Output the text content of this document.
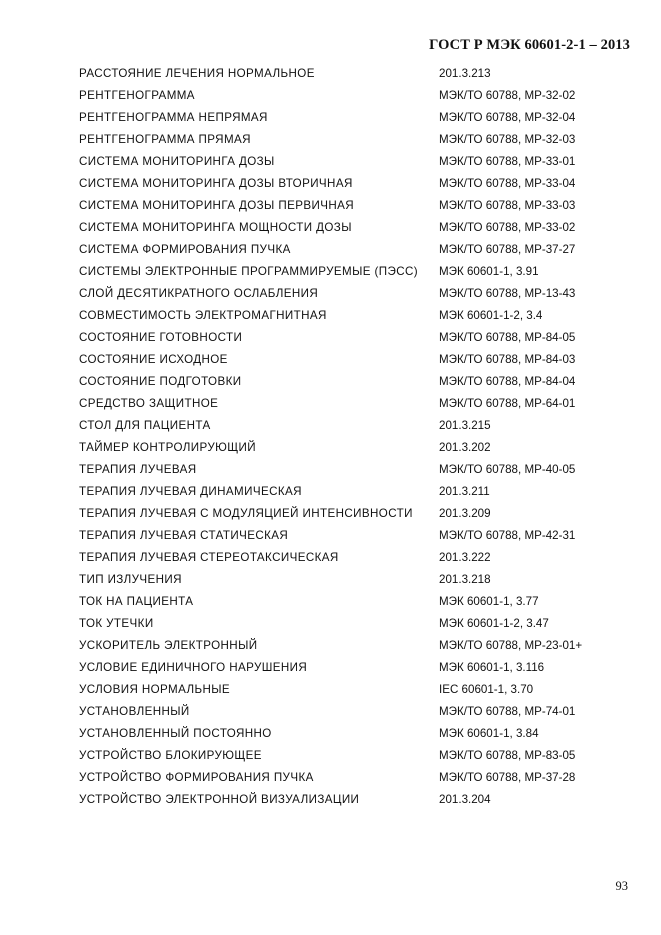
ГОСТ Р МЭК 60601-2-1 – 2013
РАССТОЯНИЕ ЛЕЧЕНИЯ НОРМАЛЬНОЕ	201.3.213
РЕНТГЕНОГРАММА	МЭК/ТО 60788, МР-32-02
РЕНТГЕНОГРАММА НЕПРЯМАЯ	МЭК/ТО 60788, МР-32-04
РЕНТГЕНОГРАММА ПРЯМАЯ	МЭК/ТО 60788, МР-32-03
СИСТЕМА МОНИТОРИНГА ДОЗЫ	МЭК/ТО 60788, МР-33-01
СИСТЕМА МОНИТОРИНГА ДОЗЫ ВТОРИЧНАЯ	МЭК/ТО 60788, МР-33-04
СИСТЕМА МОНИТОРИНГА ДОЗЫ ПЕРВИЧНАЯ	МЭК/ТО 60788, МР-33-03
СИСТЕМА МОНИТОРИНГА МОЩНОСТИ ДОЗЫ	МЭК/ТО 60788, МР-33-02
СИСТЕМА ФОРМИРОВАНИЯ ПУЧКА	МЭК/ТО 60788, МР-37-27
СИСТЕМЫ ЭЛЕКТРОННЫЕ ПРОГРАММИРУЕМЫЕ (ПЭСС)	МЭК 60601-1, 3.91
СЛОЙ ДЕСЯТИКРАТНОГО ОСЛАБЛЕНИЯ	МЭК/ТО 60788, МР-13-43
СОВМЕСТИМОСТЬ ЭЛЕКТРОМАГНИТНАЯ	МЭК 60601-1-2, 3.4
СОСТОЯНИЕ ГОТОВНОСТИ	МЭК/ТО 60788, МР-84-05
СОСТОЯНИЕ ИСХОДНОЕ	МЭК/ТО 60788, МР-84-03
СОСТОЯНИЕ ПОДГОТОВКИ	МЭК/ТО 60788, МР-84-04
СРЕДСТВО ЗАЩИТНОЕ	МЭК/ТО 60788, МР-64-01
СТОЛ ДЛЯ ПАЦИЕНТА	201.3.215
ТАЙМЕР КОНТРОЛИРУЮЩИЙ	201.3.202
ТЕРАПИЯ ЛУЧЕВАЯ	МЭК/ТО 60788, МР-40-05
ТЕРАПИЯ ЛУЧЕВАЯ ДИНАМИЧЕСКАЯ	201.3.211
ТЕРАПИЯ ЛУЧЕВАЯ С МОДУЛЯЦИЕЙ ИНТЕНСИВНОСТИ	201.3.209
ТЕРАПИЯ ЛУЧЕВАЯ СТАТИЧЕСКАЯ	МЭК/ТО 60788, МР-42-31
ТЕРАПИЯ ЛУЧЕВАЯ СТЕРЕОТАКСИЧЕСКАЯ	201.3.222
ТИП ИЗЛУЧЕНИЯ	201.3.218
ТОК НА ПАЦИЕНТА	МЭК 60601-1, 3.77
ТОК УТЕЧКИ	МЭК 60601-1-2, 3.47
УСКОРИТЕЛЬ ЭЛЕКТРОННЫЙ	МЭК/ТО 60788, МР-23-01+
УСЛОВИЕ ЕДИНИЧНОГО НАРУШЕНИЯ	МЭК 60601-1, 3.116
УСЛОВИЯ НОРМАЛЬНЫЕ	IEC 60601-1, 3.70
УСТАНОВЛЕННЫЙ	МЭК/ТО 60788, МР-74-01
УСТАНОВЛЕННЫЙ ПОСТОЯННО	МЭК 60601-1, 3.84
УСТРОЙСТВО БЛОКИРУЮЩЕЕ	МЭК/ТО 60788, МР-83-05
УСТРОЙСТВО ФОРМИРОВАНИЯ ПУЧКА	МЭК/ТО 60788, МР-37-28
УСТРОЙСТВО ЭЛЕКТРОННОЙ ВИЗУАЛИЗАЦИИ	201.3.204
93
